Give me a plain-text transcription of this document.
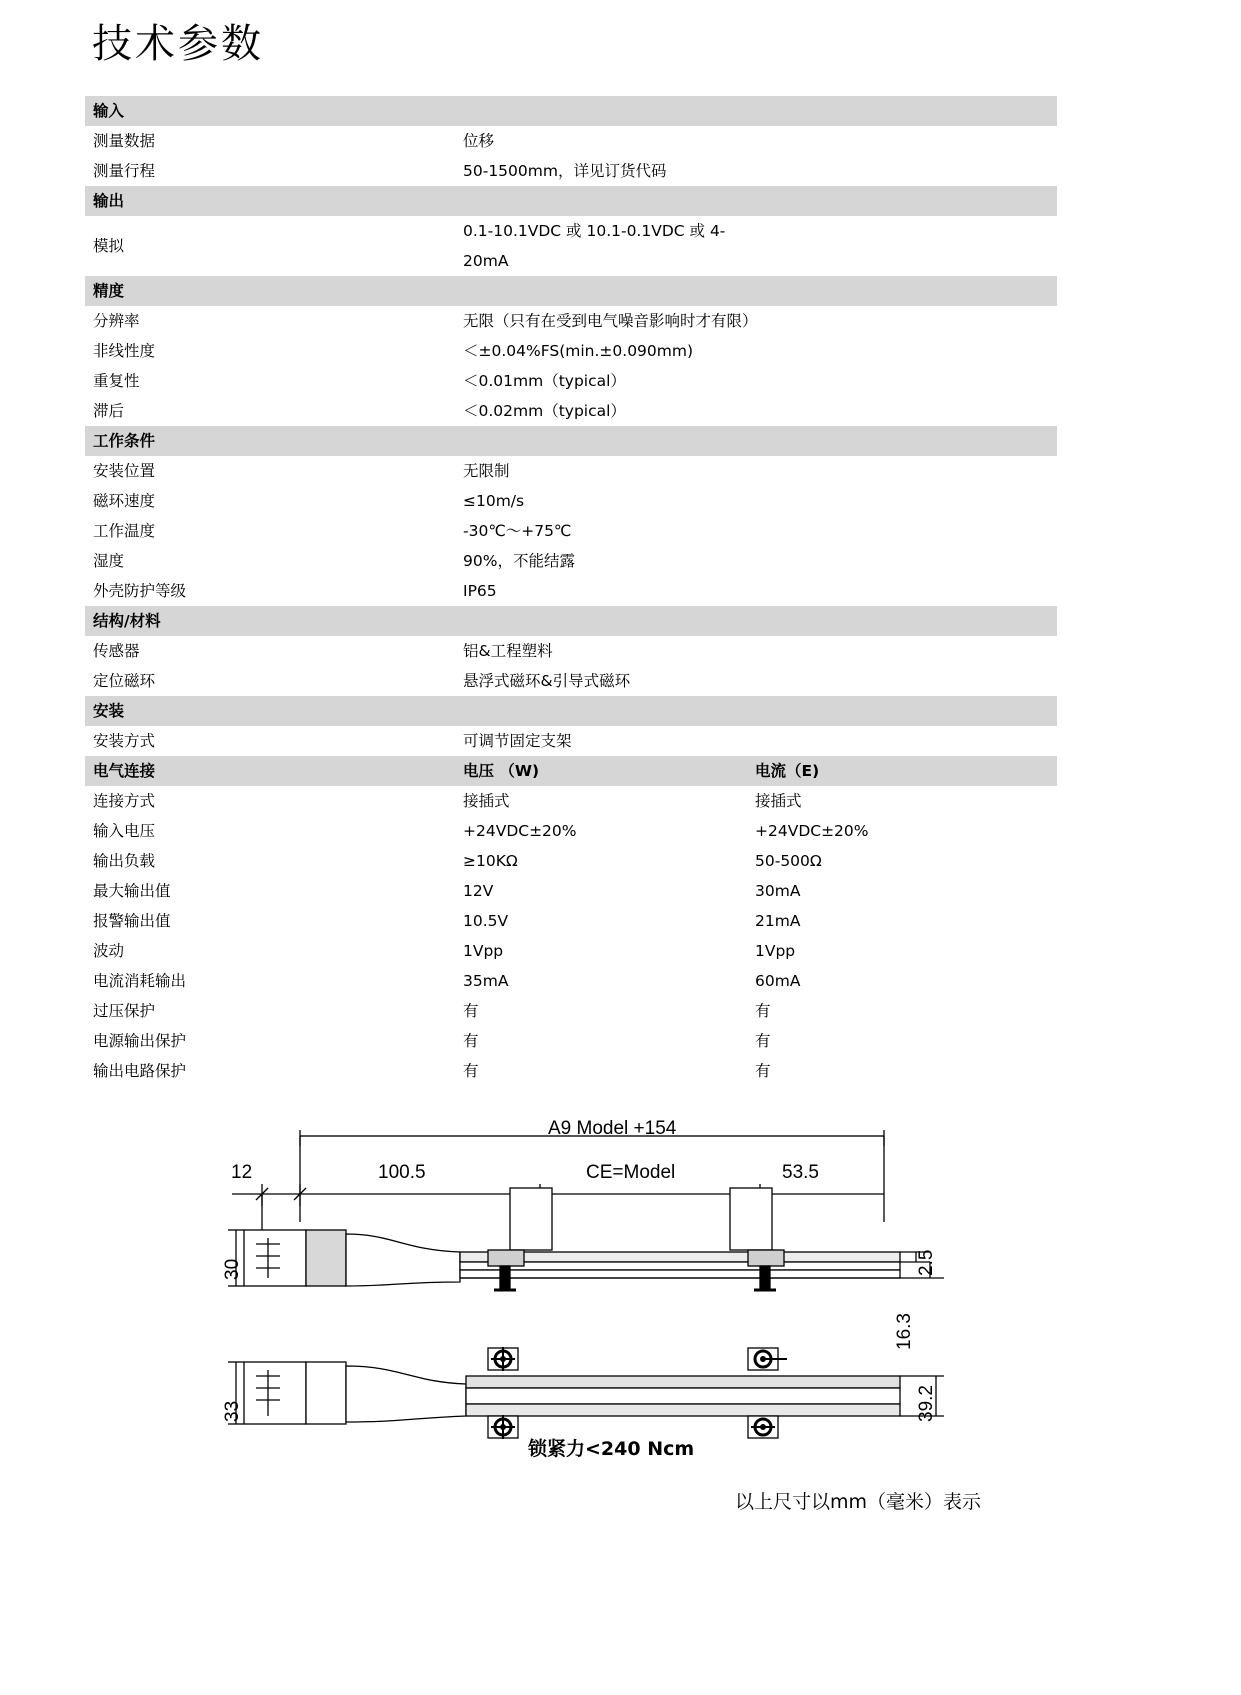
技术参数
输入		
测量数据	位移	
测量行程	50-1500mm，详见订货代码	
输出		
模拟	0.1-10.1VDC 或 10.1-0.1VDC 或 4-20mA	
精度		
分辨率	无限（只有在受到电气噪音影响时才有限）	
非线性度	＜±0.04%FS(min.±0.090mm)	
重复性	＜0.01mm（typical）	
滞后	＜0.02mm（typical）	
工作条件		
安装位置	无限制	
磁环速度	≤10m/s	
工作温度	-30℃～+75℃	
湿度	90%，不能结露	
外壳防护等级	IP65	
结构/材料		
传感器	铝&工程塑料	
定位磁环	悬浮式磁环&引导式磁环	
安装		
安装方式	可调节固定支架	
电气连接	电压 （W)	电流（E)
连接方式	接插式	接插式
输入电压	+24VDC±20%	+24VDC±20%
输出负载	≥10KΩ	50-500Ω
最大输出值	12V	30mA
报警输出值	10.5V	21mA
波动	1Vpp	1Vpp
电流消耗输出	35mA	60mA
过压保护	有	有
电源输出保护	有	有
输出电路保护	有	有
A9 Model +154
12	100.5	CE=Model	53.5
30	2.5
16.3
33	39.2
锁紧力<240 Ncm
以上尺寸以mm（毫米）表示
